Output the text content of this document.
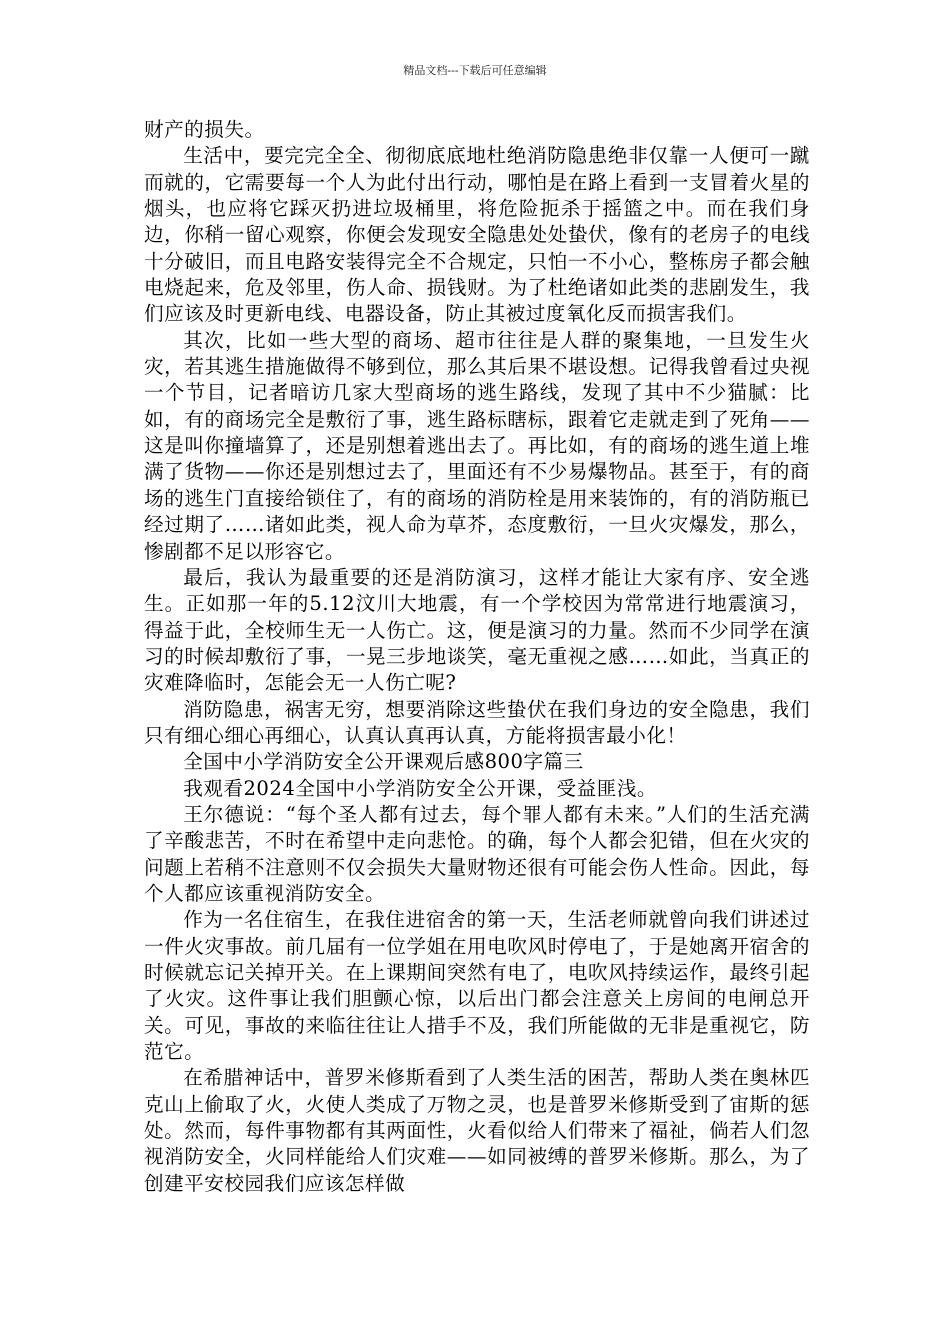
精品文档---下载后可任意编辑

财产的损失。

生活中，要完完全全、彻彻底底地杜绝消防隐患绝非仅靠一人便可一蹴而就的，它需要每一个人为此付出行动，哪怕是在路上看到一支冒着火星的烟头，也应将它踩灭扔进垃圾桶里，将危险扼杀于摇篮之中。而在我们身边，你稍一留心观察，你便会发现安全隐患处处蛰伏，像有的老房子的电线十分破旧，而且电路安装得完全不合规定，只怕一不小心，整栋房子都会触电烧起来，危及邻里，伤人命、损钱财。为了杜绝诸如此类的悲剧发生，我们应该及时更新电线、电器设备，防止其被过度氧化反而损害我们。

其次，比如一些大型的商场、超市往往是人群的聚集地，一旦发生火灾，若其逃生措施做得不够到位，那么其后果不堪设想。记得我曾看过央视一个节目，记者暗访几家大型商场的逃生路线，发现了其中不少猫腻：比如，有的商场完全是敷衍了事，逃生路标瞎标，跟着它走就走到了死角——这是叫你撞墙算了，还是别想着逃出去了。再比如，有的商场的逃生道上堆满了货物——你还是别想过去了，里面还有不少易爆物品。甚至于，有的商场的逃生门直接给锁住了，有的商场的消防栓是用来装饰的，有的消防瓶已经过期了……诸如此类，视人命为草芥，态度敷衍，一旦火灾爆发，那么，惨剧都不足以形容它。

最后，我认为最重要的还是消防演习，这样才能让大家有序、安全逃生。正如那一年的5.12汶川大地震，有一个学校因为常常进行地震演习，得益于此，全校师生无一人伤亡。这，便是演习的力量。然而不少同学在演习的时候却敷衍了事，一晃三步地谈笑，毫无重视之感……如此，当真正的灾难降临时，怎能会无一人伤亡呢?

消防隐患，祸害无穷，想要消除这些蛰伏在我们身边的安全隐患，我们只有细心细心再细心，认真认真再认真，方能将损害最小化！

全国中小学消防安全公开课观后感800字篇三

我观看2024全国中小学消防安全公开课，受益匪浅。

王尔德说：“每个圣人都有过去，每个罪人都有未来。”人们的生活充满了辛酸悲苦，不时在希望中走向悲怆。的确，每个人都会犯错，但在火灾的问题上若稍不注意则不仅会损失大量财物还很有可能会伤人性命。因此，每个人都应该重视消防安全。

作为一名住宿生，在我住进宿舍的第一天，生活老师就曾向我们讲述过一件火灾事故。前几届有一位学姐在用电吹风时停电了，于是她离开宿舍的时候就忘记关掉开关。在上课期间突然有电了，电吹风持续运作，最终引起了火灾。这件事让我们胆颤心惊，以后出门都会注意关上房间的电闸总开关。可见，事故的来临往往让人措手不及，我们所能做的无非是重视它，防范它。

在希腊神话中，普罗米修斯看到了人类生活的困苦，帮助人类在奥林匹克山上偷取了火，火使人类成了万物之灵，也是普罗米修斯受到了宙斯的惩处。然而，每件事物都有其两面性，火看似给人们带来了福祉，倘若人们忽视消防安全，火同样能给人们灾难——如同被缚的普罗米修斯。那么，为了创建平安校园我们应该怎样做
